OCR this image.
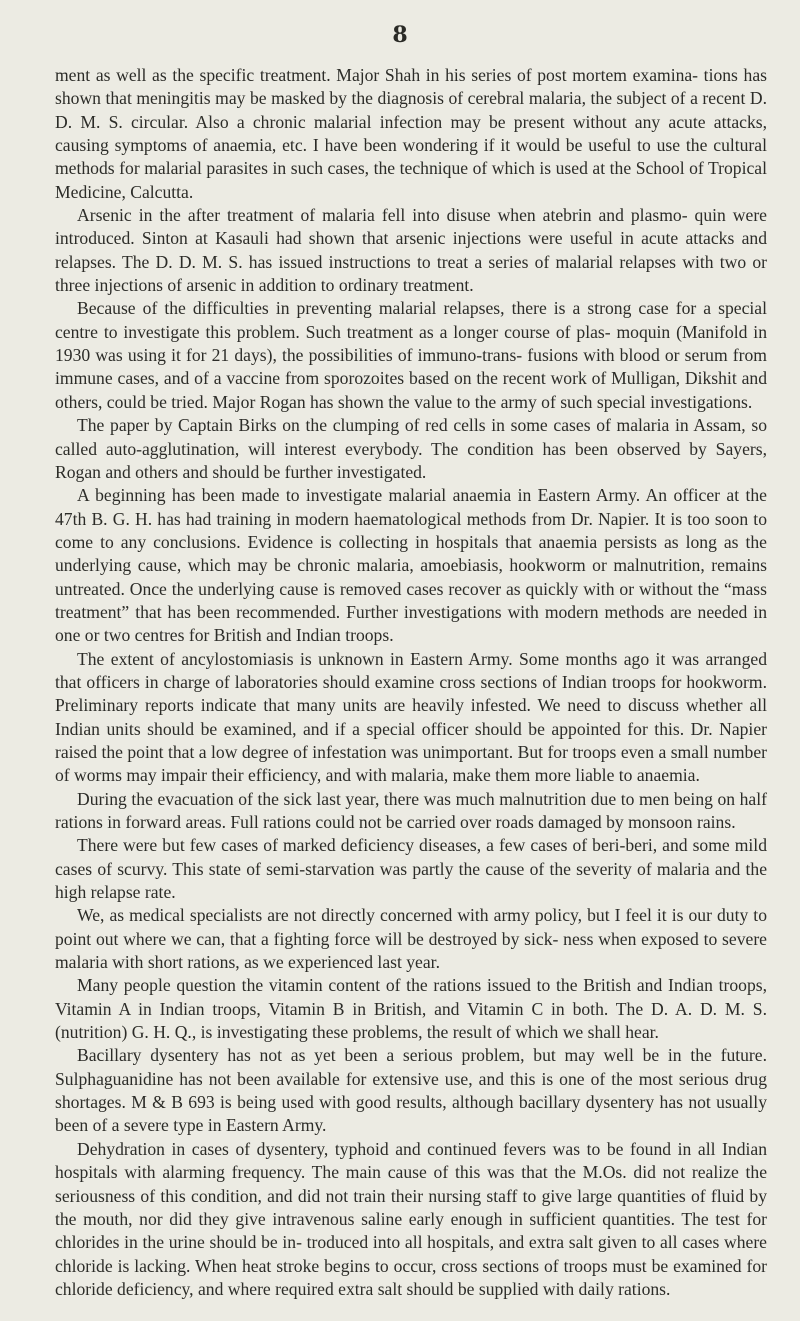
8

ment as well as the specific treatment. Major Shah in his series of post mortem examina- tions has shown that meningitis may be masked by the diagnosis of cerebral malaria, the subject of a recent D. D. M. S. circular. Also a chronic malarial infection may be present without any acute attacks, causing symptoms of anaemia, etc. I have been wondering if it would be useful to use the cultural methods for malarial parasites in such cases, the technique of which is used at the School of Tropical Medicine, Calcutta.

Arsenic in the after treatment of malaria fell into disuse when atebrin and plasmo- quin were introduced. Sinton at Kasauli had shown that arsenic injections were useful in acute attacks and relapses. The D. D. M. S. has issued instructions to treat a series of malarial relapses with two or three injections of arsenic in addition to ordinary treatment.

Because of the difficulties in preventing malarial relapses, there is a strong case for a special centre to investigate this problem. Such treatment as a longer course of plas- moquin (Manifold in 1930 was using it for 21 days), the possibilities of immuno-trans- fusions with blood or serum from immune cases, and of a vaccine from sporozoites based on the recent work of Mulligan, Dikshit and others, could be tried. Major Rogan has shown the value to the army of such special investigations.

The paper by Captain Birks on the clumping of red cells in some cases of malaria in Assam, so called auto-agglutination, will interest everybody. The condition has been observed by Sayers, Rogan and others and should be further investigated.

A beginning has been made to investigate malarial anaemia in Eastern Army. An officer at the 47th B. G. H. has had training in modern haematological methods from Dr. Napier. It is too soon to come to any conclusions. Evidence is collecting in hospitals that anaemia persists as long as the underlying cause, which may be chronic malaria, amoebiasis, hookworm or malnutrition, remains untreated. Once the underlying cause is removed cases recover as quickly with or without the “mass treatment” that has been recommended. Further investigations with modern methods are needed in one or two centres for British and Indian troops.

The extent of ancylostomiasis is unknown in Eastern Army. Some months ago it was arranged that officers in charge of laboratories should examine cross sections of Indian troops for hookworm. Preliminary reports indicate that many units are heavily infested. We need to discuss whether all Indian units should be examined, and if a special officer should be appointed for this. Dr. Napier raised the point that a low degree of infestation was unimportant. But for troops even a small number of worms may impair their efficiency, and with malaria, make them more liable to anaemia.

During the evacuation of the sick last year, there was much malnutrition due to men being on half rations in forward areas. Full rations could not be carried over roads damaged by monsoon rains.

There were but few cases of marked deficiency diseases, a few cases of beri-beri, and some mild cases of scurvy. This state of semi-starvation was partly the cause of the severity of malaria and the high relapse rate.

We, as medical specialists are not directly concerned with army policy, but I feel it is our duty to point out where we can, that a fighting force will be destroyed by sick- ness when exposed to severe malaria with short rations, as we experienced last year.

Many people question the vitamin content of the rations issued to the British and Indian troops, Vitamin A in Indian troops, Vitamin B in British, and Vitamin C in both. The D. A. D. M. S. (nutrition) G. H. Q., is investigating these problems, the result of which we shall hear.

Bacillary dysentery has not as yet been a serious problem, but may well be in the future. Sulphaguanidine has not been available for extensive use, and this is one of the most serious drug shortages. M & B 693 is being used with good results, although bacillary dysentery has not usually been of a severe type in Eastern Army.

Dehydration in cases of dysentery, typhoid and continued fevers was to be found in all Indian hospitals with alarming frequency. The main cause of this was that the M.Os. did not realize the seriousness of this condition, and did not train their nursing staff to give large quantities of fluid by the mouth, nor did they give intravenous saline early enough in sufficient quantities. The test for chlorides in the urine should be in- troduced into all hospitals, and extra salt given to all cases where chloride is lacking. When heat stroke begins to occur, cross sections of troops must be examined for chloride deficiency, and where required extra salt should be supplied with daily rations.
